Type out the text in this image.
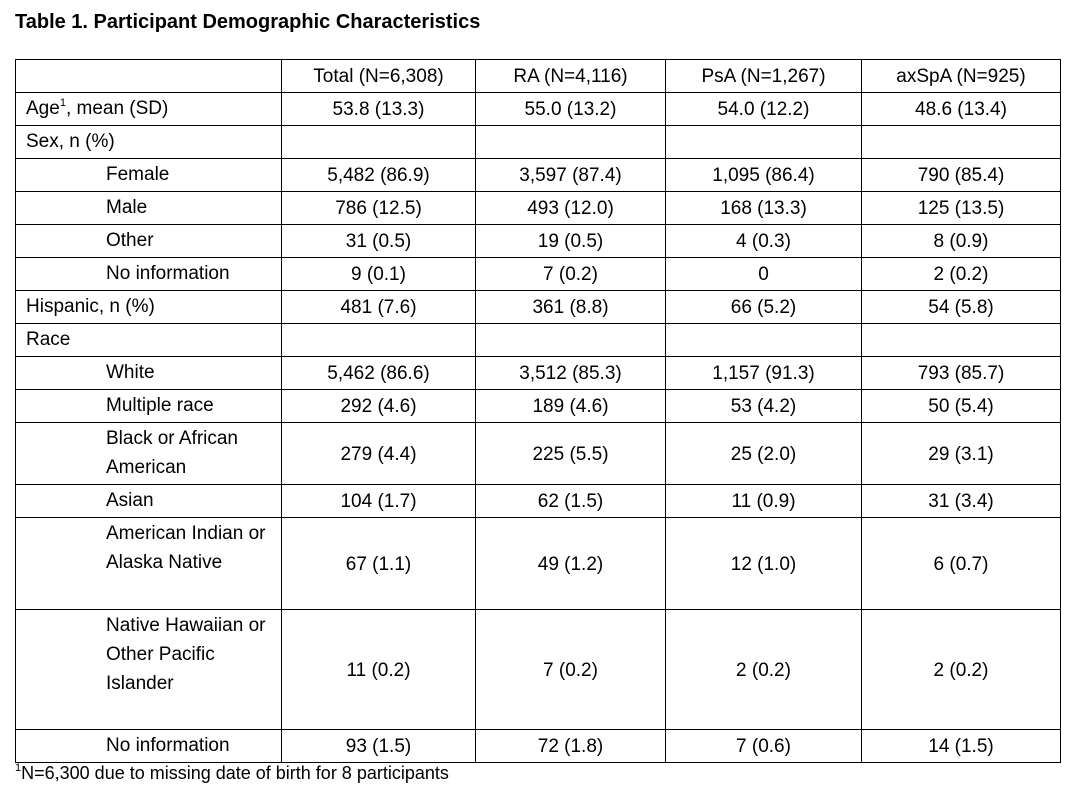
Table 1. Participant Demographic Characteristics
	Total (N=6,308)	RA (N=4,116)	PsA (N=1,267)	axSpA (N=925)
Age$^1$, mean (SD)	53.8 (13.3)	55.0 (13.2)	54.0 (12.2)	48.6 (13.4)
Sex, n (%)				
Female	5,482 (86.9)	3,597 (87.4)	1,095 (86.4)	790 (85.4)
Male	786 (12.5)	493 (12.0)	168 (13.3)	125 (13.5)
Other	31 (0.5)	19 (0.5)	4 (0.3)	8 (0.9)
No information	9 (0.1)	7 (0.2)	0	2 (0.2)
Hispanic, n (%)	481 (7.6)	361 (8.8)	66 (5.2)	54 (5.8)
Race				
White	5,462 (86.6)	3,512 (85.3)	1,157 (91.3)	793 (85.7)
Multiple race	292 (4.6)	189 (4.6)	53 (4.2)	50 (5.4)
Black or African American	279 (4.4)	225 (5.5)	25 (2.0)	29 (3.1)
Asian	104 (1.7)	62 (1.5)	11 (0.9)	31 (3.4)
American Indian or Alaska Native	67 (1.1)	49 (1.2)	12 (1.0)	6 (0.7)
Native Hawaiian or Other Pacific Islander	11 (0.2)	7 (0.2)	2 (0.2)	2 (0.2)
No information	93 (1.5)	72 (1.8)	7 (0.6)	14 (1.5)
$^1$N=6,300 due to missing date of birth for 8 participants
